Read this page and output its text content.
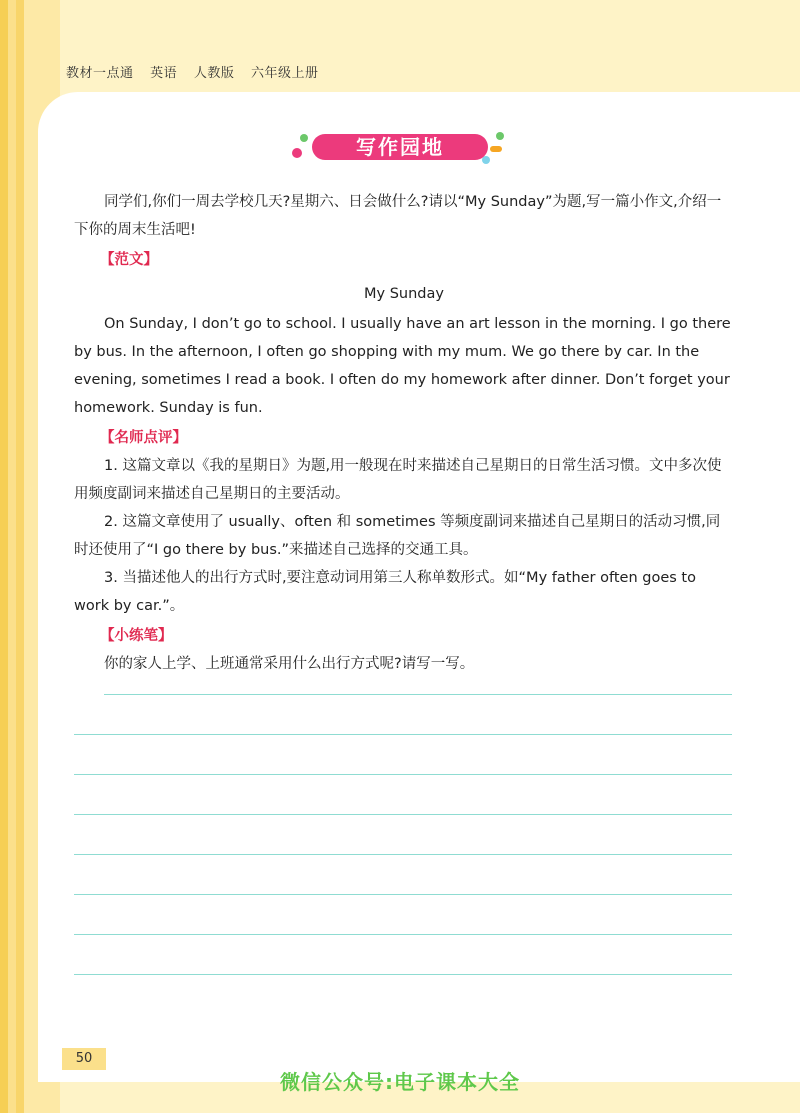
教材一点通 英语 人教版 六年级上册
写作园地

同学们,你们一周去学校几天?星期六、日会做什么?请以“My Sunday”为题,写一篇小作文,介绍一下你的周末生活吧!

【范文】
My Sunday

On Sunday, I don’t go to school. I usually have an art lesson in the morning. I go there by bus. In the afternoon, I often go shopping with my mum. We go there by car. In the evening, sometimes I read a book. I often do my homework after dinner. Don’t forget your homework. Sunday is fun.

【名师点评】

1. 这篇文章以《我的星期日》为题,用一般现在时来描述自己星期日的日常生活习惯。文中多次使用频度副词来描述自己星期日的主要活动。

2. 这篇文章使用了 usually、often 和 sometimes 等频度副词来描述自己星期日的活动习惯,同时还使用了“I go there by bus.”来描述自己选择的交通工具。

3. 当描述他人的出行方式时,要注意动词用第三人称单数形式。如“My father often goes to work by car.”。

【小练笔】

你的家人上学、上班通常采用什么出行方式呢?请写一写。

50
微信公众号:电子课本大全
